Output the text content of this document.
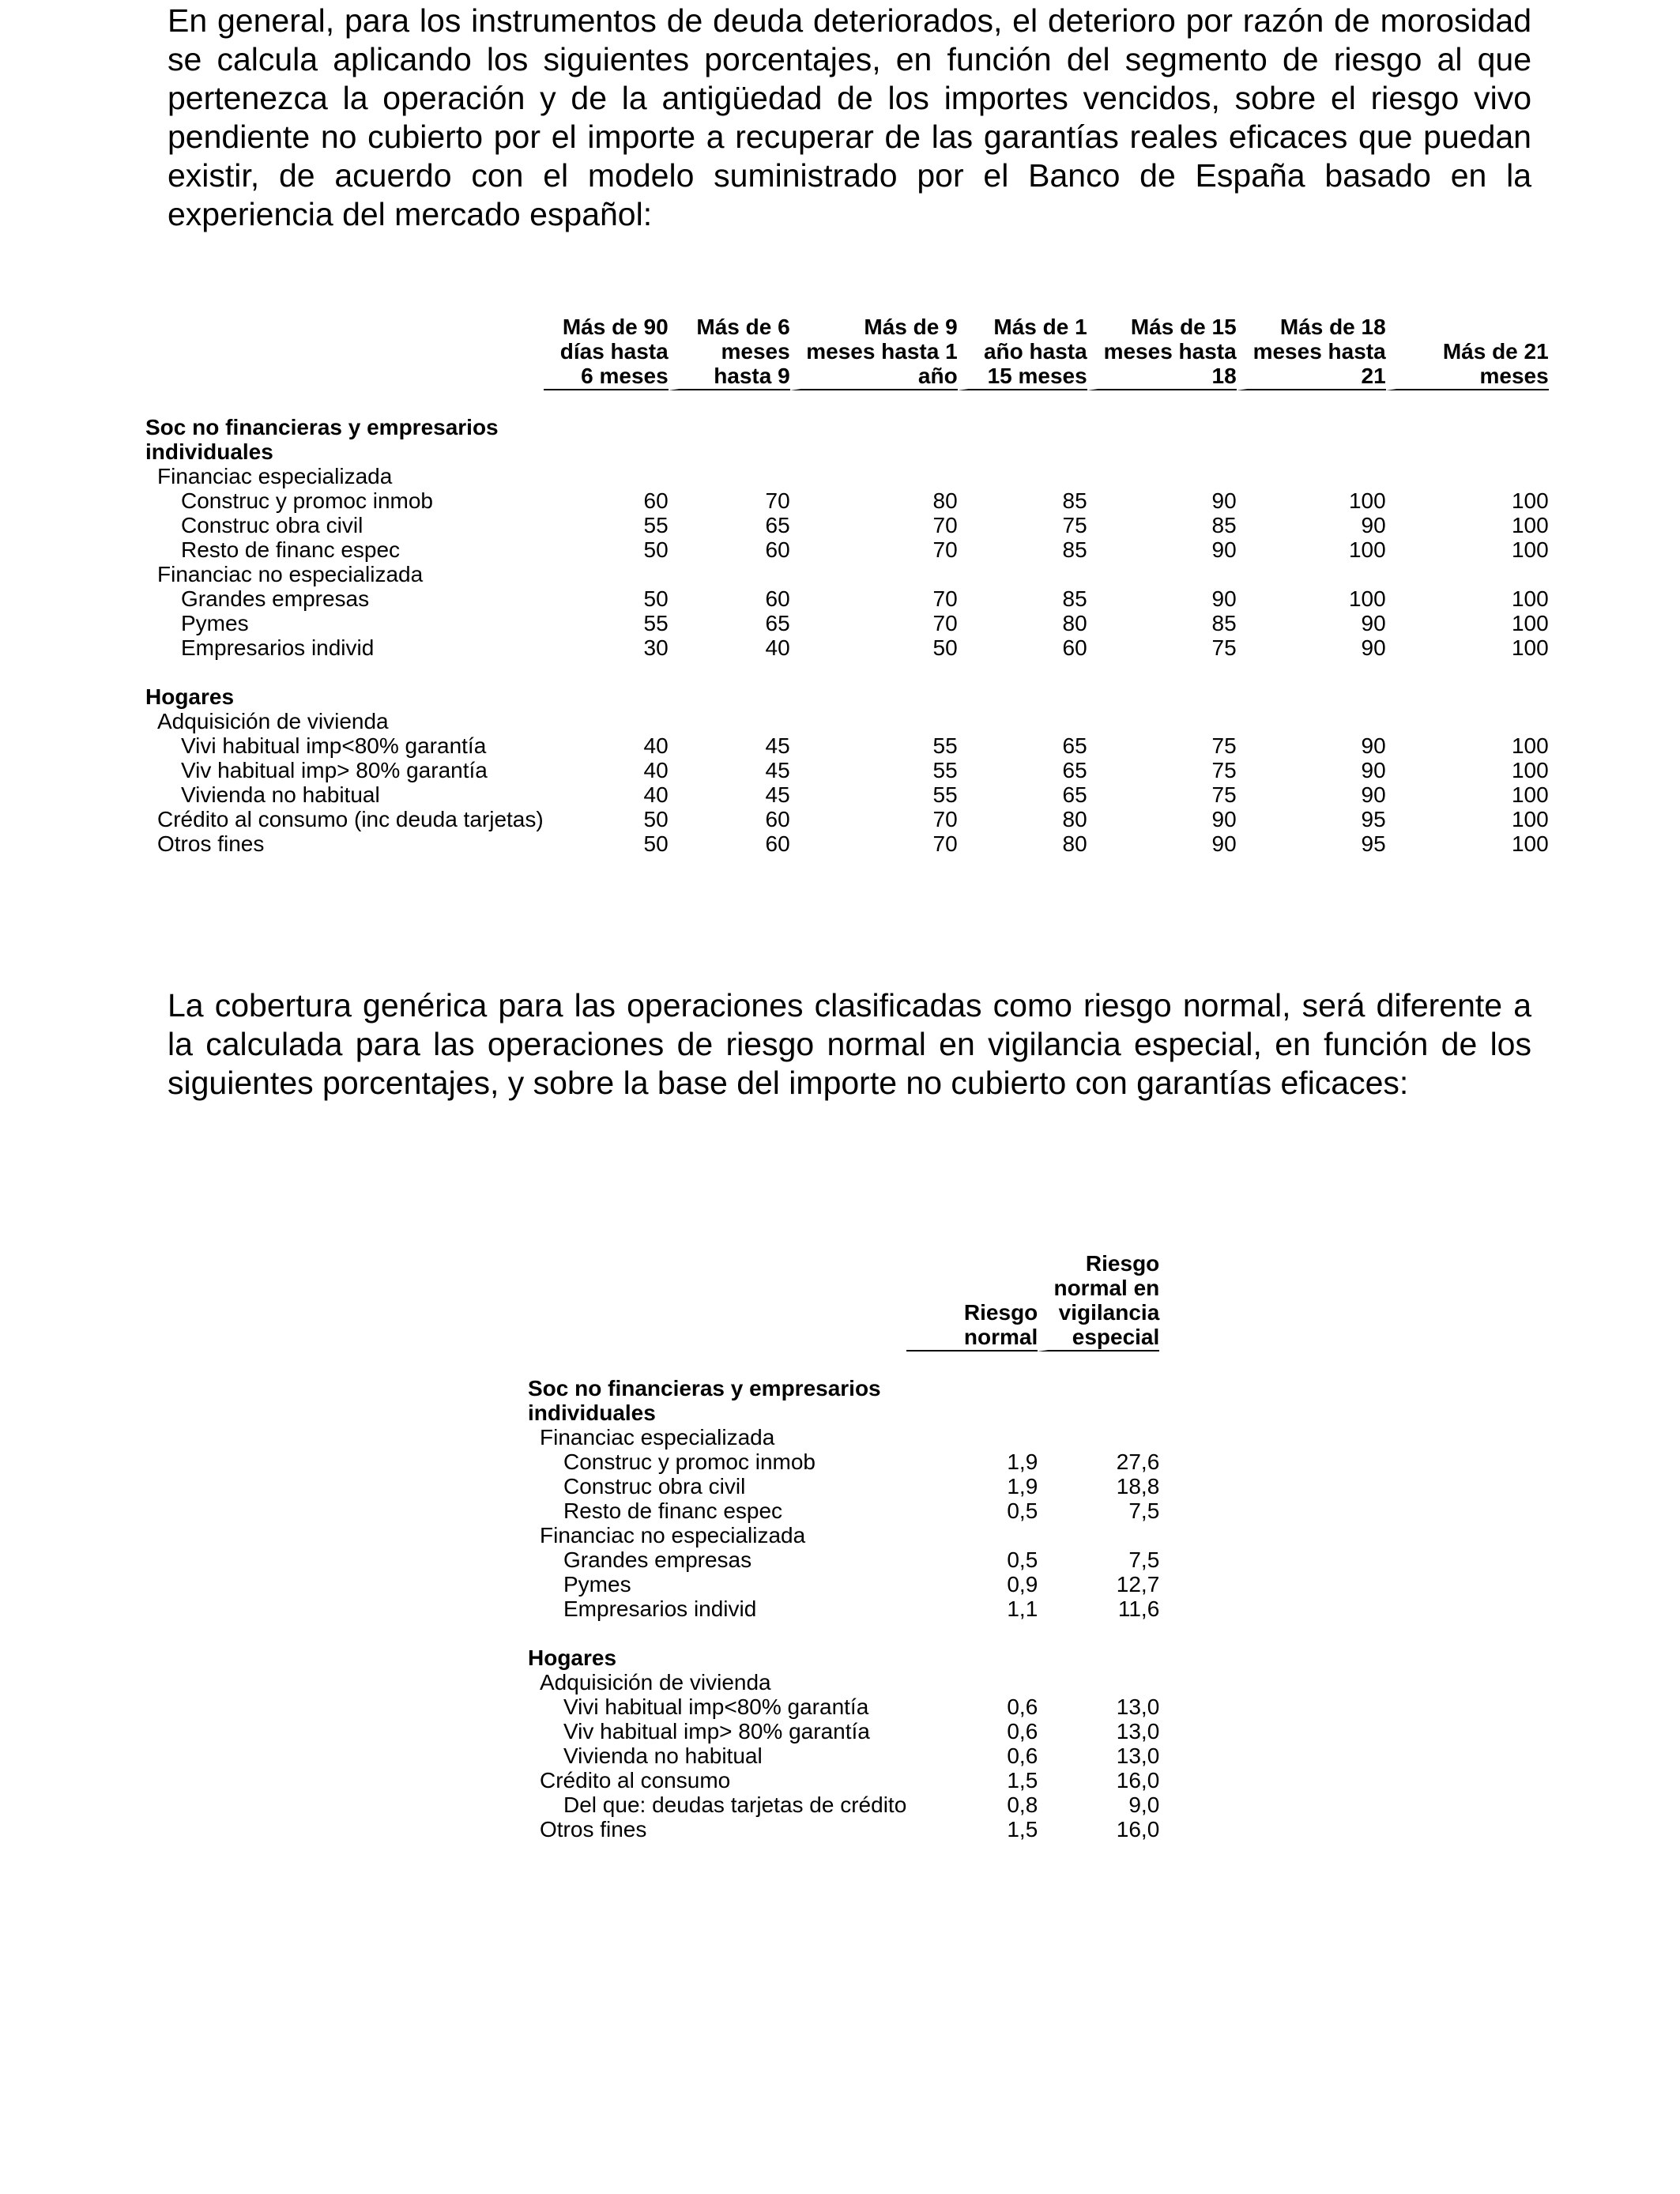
En general, para los instrumentos de deuda deteriorados, el deterioro por razón de morosidad se calcula aplicando los siguientes porcentajes, en función del segmento de riesgo al que pertenezca la operación y de la antigüedad de los importes vencidos, sobre el riesgo vivo pendiente no cubierto por el importe a recuperar de las garantías reales eficaces que puedan existir, de acuerdo con el modelo suministrado por el Banco de España basado en la experiencia del mercado español:

	Más de 90	Más de 6	Más de 9	Más de 1	Más de 15	Más de 18	
	días hasta	meses	meses hasta 1	año hasta	meses hasta	meses hasta	Más de 21
	6 meses	hasta 9	año	15 meses	18	21	meses

Soc no financieras y empresarios							
individuales							
Financiac especializada							
Construc y promoc inmob	60	70	80	85	90	100	100
Construc obra civil	55	65	70	75	85	90	100
Resto de financ espec	50	60	70	85	90	100	100
Financiac no especializada							
Grandes empresas	50	60	70	85	90	100	100
Pymes	55	65	70	80	85	90	100
Empresarios individ	30	40	50	60	75	90	100

Hogares							
Adquisición de vivienda							
Vivi habitual imp<80% garantía	40	45	55	65	75	90	100
Viv habitual imp> 80% garantía	40	45	55	65	75	90	100
Vivienda no habitual	40	45	55	65	75	90	100
Crédito al consumo (inc deuda tarjetas)	50	60	70	80	90	95	100
Otros fines	50	60	70	80	90	95	100

La cobertura genérica para las operaciones clasificadas como riesgo normal, será diferente a la calculada para las operaciones de riesgo normal en vigilancia especial, en función de los siguientes porcentajes, y sobre la base del importe no cubierto con garantías eficaces:

		Riesgo
		normal en
	Riesgo	vigilancia
	normal	especial

Soc no financieras y empresarios		
individuales		
Financiac especializada		
Construc y promoc inmob	1,9	27,6
Construc obra civil	1,9	18,8
Resto de financ espec	0,5	7,5
Financiac no especializada		
Grandes empresas	0,5	7,5
Pymes	0,9	12,7
Empresarios individ	1,1	11,6

Hogares		
Adquisición de vivienda		
Vivi habitual imp<80% garantía	0,6	13,0
Viv habitual imp> 80% garantía	0,6	13,0
Vivienda no habitual	0,6	13,0
Crédito al consumo	1,5	16,0
Del que: deudas tarjetas de crédito	0,8	9,0
Otros fines	1,5	16,0
